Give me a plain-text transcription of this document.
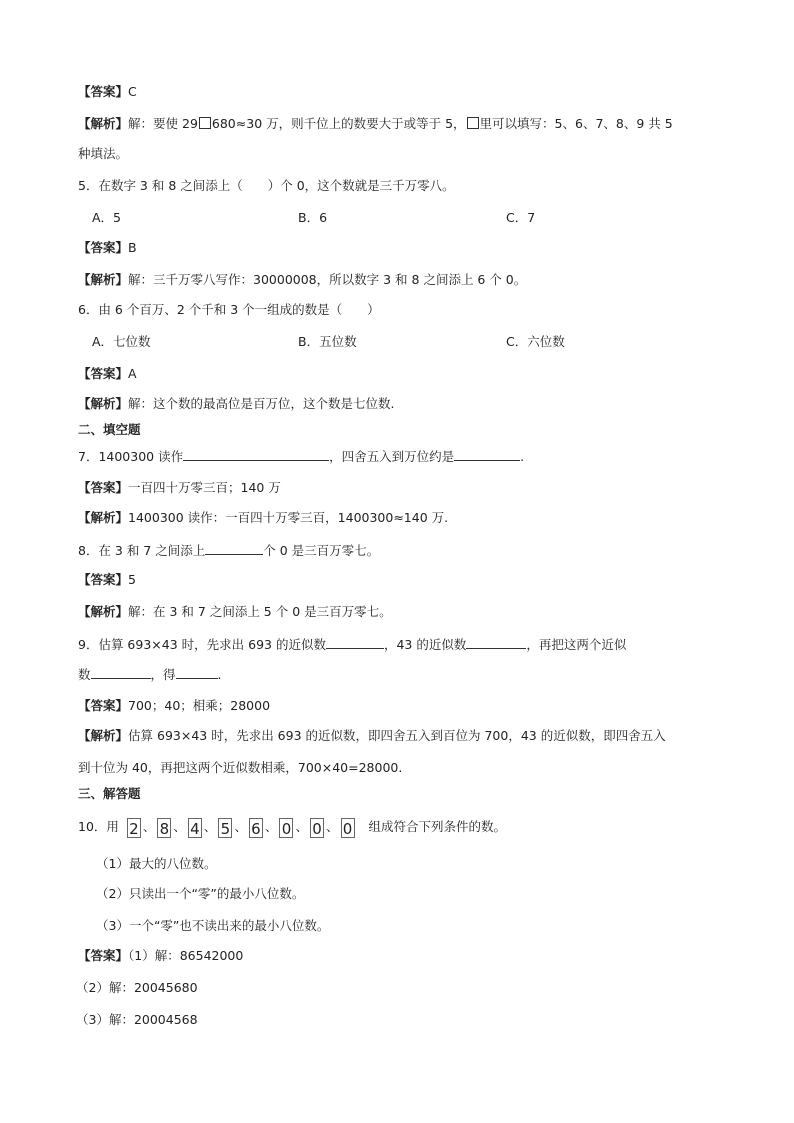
【答案】C
【解析】解：要使 29 680≈30 万，则千位上的数要大于或等于 5， 里可以填写：5、6、7、8、9 共 5
种填法。
5．在数字 3 和 8 之间添上（　　）个 0，这个数就是三千万零八。
A．5	B．6	C．7
【答案】B
【解析】解：三千万零八写作：30000008，所以数字 3 和 8 之间添上 6 个 0。
6．由 6 个百万、2 个千和 3 个一组成的数是（　　）
A．七位数	B．五位数	C．六位数
【答案】A
【解析】解：这个数的最高位是百万位，这个数是七位数.
二、填空题
7．1400300 读作	，四舍五入到万位约是	.
【答案】一百四十万零三百；140 万
【解析】1400300 读作：一百四十万零三百，1400300≈140 万.
8．在 3 和 7 之间添上	个 0 是三百万零七。
【答案】5
【解析】解：在 3 和 7 之间添上 5 个 0 是三百万零七。
9．估算 693×43 时，先求出 693 的近似数	，43 的近似数	，再把这两个近似
数	，得	.
【答案】700；40；相乘；28000
【解析】估算 693×43 时，先求出 693 的近似数，即四舍五入到百位为 700，43 的近似数，即四舍五入
到十位为 40，再把这两个近似数相乘，700×40=28000.
三、解答题
10．用 2 、 8 、 4 、 5 、 6 、 0 、 0 、 0 组成符合下列条件的数。
（1）最大的八位数。
（2）只读出一个“零”的最小八位数。
（3）一个“零”也不读出来的最小八位数。
【答案】（1）解：86542000
（2）解：20045680
（3）解：20004568
